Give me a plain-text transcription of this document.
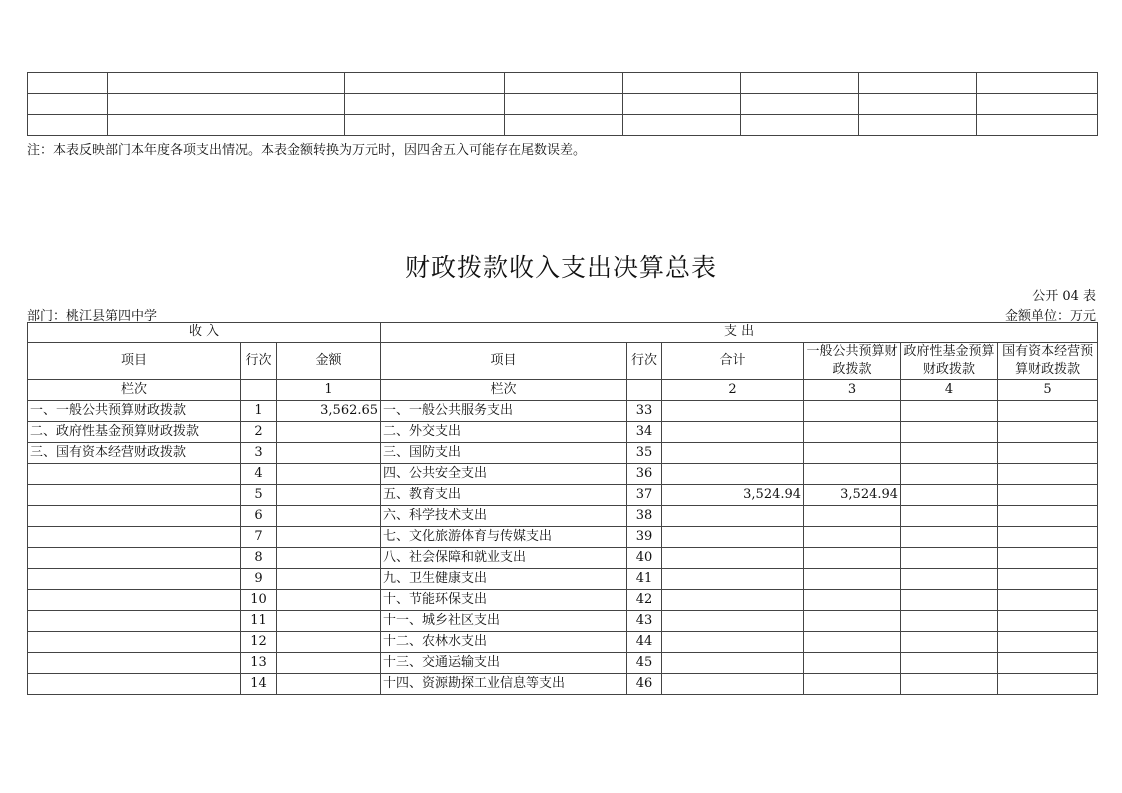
注：本表反映部门本年度各项支出情况。本表金额转换为万元时，因四舍五入可能存在尾数误差。
财政拨款收入支出决算总表
公开 04 表
部门：桃江县第四中学	金额单位：万元
收 入			支 出					
项目	行次	金额	项目	行次	合计	一般公共预算财政拨款	政府性基金预算财政拨款	国有资本经营预算财政拨款
栏次		1	栏次		2	3	4	5
一、一般公共预算财政拨款	1	3,562.65	一、一般公共服务支出	33				
二、政府性基金预算财政拨款	2		二、外交支出	34				
三、国有资本经营财政拨款	3		三、国防支出	35				
	4		四、公共安全支出	36				
	5		五、教育支出	37	3,524.94	3,524.94		
	6		六、科学技术支出	38				
	7		七、文化旅游体育与传媒支出	39				
	8		八、社会保障和就业支出	40				
	9		九、卫生健康支出	41				
	10		十、节能环保支出	42				
	11		十一、城乡社区支出	43				
	12		十二、农林水支出	44				
	13		十三、交通运输支出	45				
	14		十四、资源勘探工业信息等支出	46				
